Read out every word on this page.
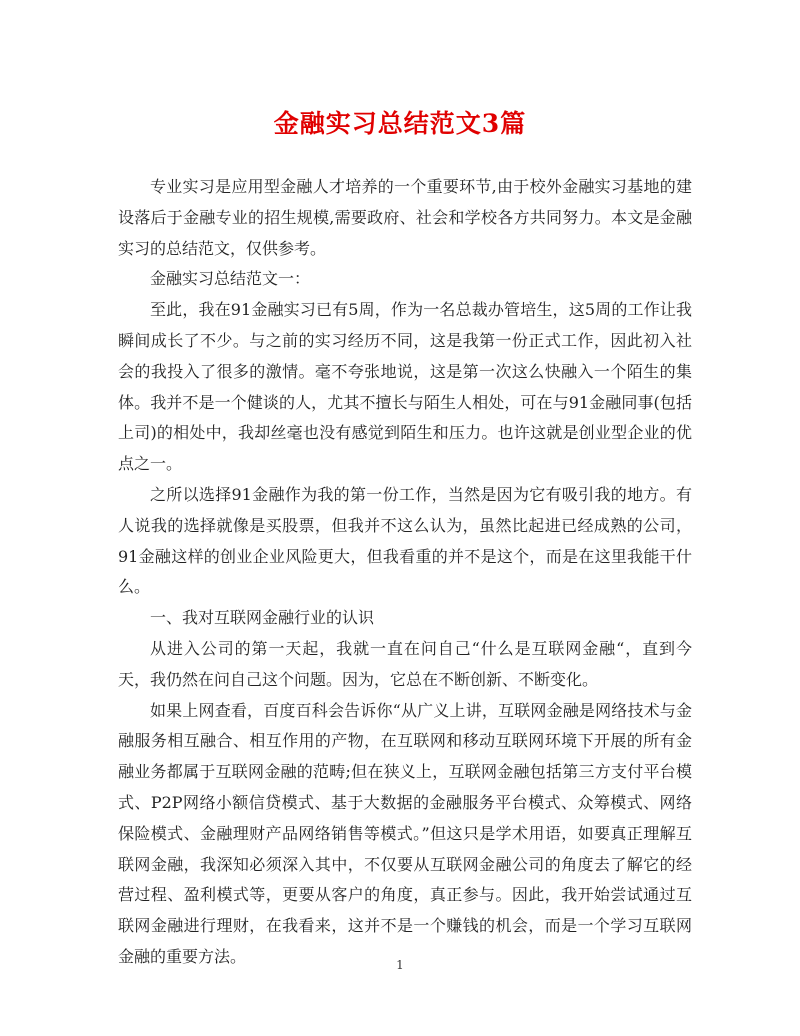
金融实习总结范文3篇

专业实习是应用型金融人才培养的一个重要环节,由于校外金融实习基地的建设落后于金融专业的招生规模,需要政府、社会和学校各方共同努力。本文是金融实习的总结范文，仅供参考。

金融实习总结范文一：

至此，我在91金融实习已有5周，作为一名总裁办管培生，这5周的工作让我瞬间成长了不少。与之前的实习经历不同，这是我第一份正式工作，因此初入社会的我投入了很多的激情。毫不夸张地说，这是第一次这么快融入一个陌生的集体。我并不是一个健谈的人，尤其不擅长与陌生人相处，可在与91金融同事(包括上司)的相处中，我却丝毫也没有感觉到陌生和压力。也许这就是创业型企业的优点之一。

之所以选择91金融作为我的第一份工作，当然是因为它有吸引我的地方。有人说我的选择就像是买股票，但我并不这么认为，虽然比起进已经成熟的公司，91金融这样的创业企业风险更大，但我看重的并不是这个，而是在这里我能干什么。

一、我对互联网金融行业的认识

从进入公司的第一天起，我就一直在问自己“什么是互联网金融“，直到今天，我仍然在问自己这个问题。因为，它总在不断创新、不断变化。

如果上网查看，百度百科会告诉你“从广义上讲，互联网金融是网络技术与金融服务相互融合、相互作用的产物，在互联网和移动互联网环境下开展的所有金融业务都属于互联网金融的范畴;但在狭义上，互联网金融包括第三方支付平台模式、P2P网络小额信贷模式、基于大数据的金融服务平台模式、众筹模式、网络保险模式、金融理财产品网络销售等模式。”但这只是学术用语，如要真正理解互联网金融，我深知必须深入其中，不仅要从互联网金融公司的角度去了解它的经营过程、盈利模式等，更要从客户的角度，真正参与。因此，我开始尝试通过互联网金融进行理财，在我看来，这并不是一个赚钱的机会，而是一个学习互联网金融的重要方法。	1
